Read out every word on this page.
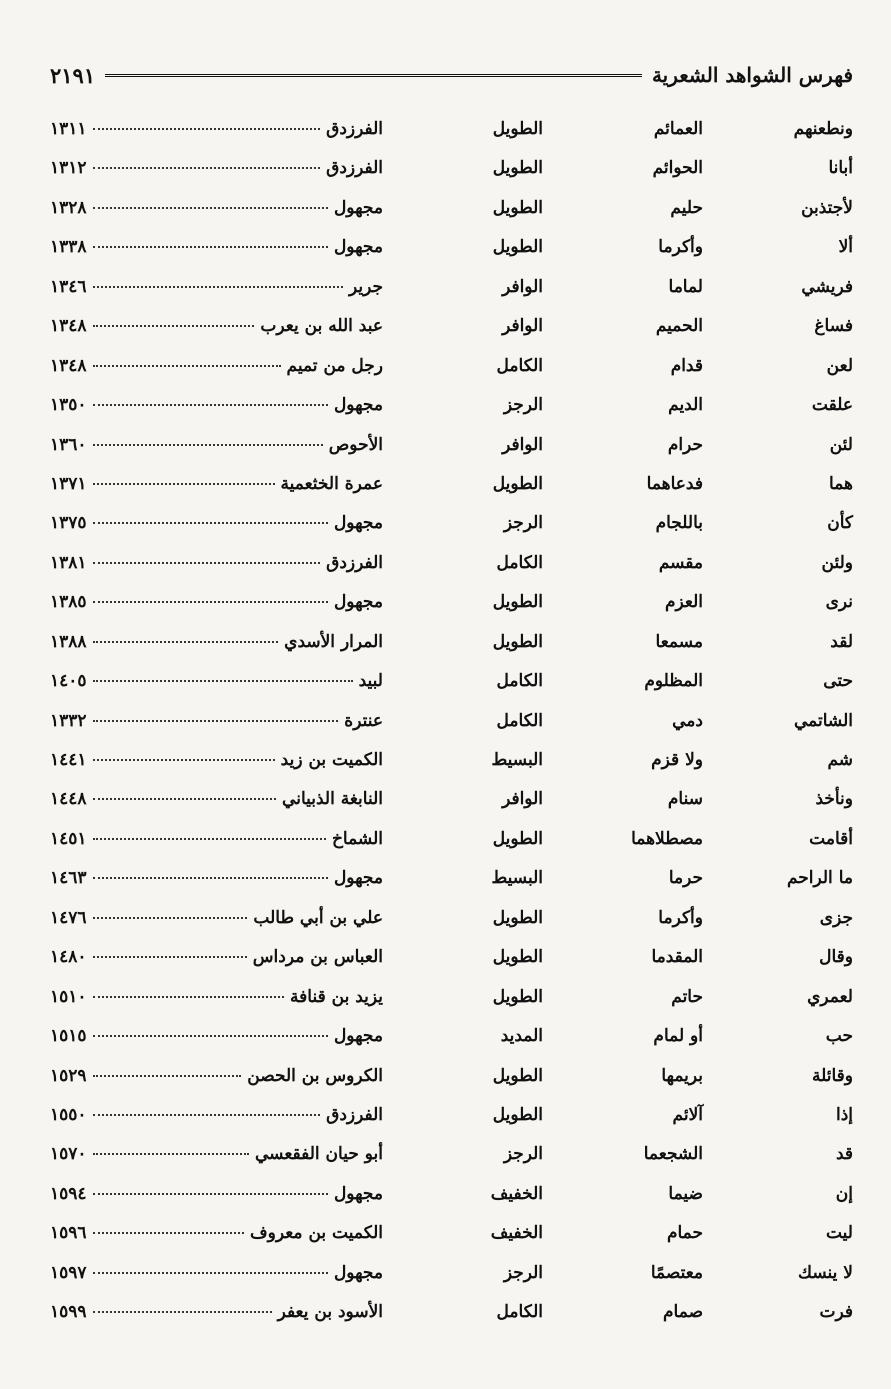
فهرس الشواهد الشعرية
٢١٩١
ونطعنهم
العمائم
الطويل
الفرزدق
١٣١١
أبانا
الحوائم
الطويل
الفرزدق
١٣١٢
لأجتذبن
حليم
الطويل
مجهول
١٣٢٨
ألا
وأكرما
الطويل
مجهول
١٣٣٨
فريشي
لماما
الوافر
جرير
١٣٤٦
فساغ
الحميم
الوافر
عبد الله بن يعرب
١٣٤٨
لعن
قدام
الكامل
رجل من تميم
١٣٤٨
علقت
الديم
الرجز
مجهول
١٣٥٠
لئن
حرام
الوافر
الأحوص
١٣٦٠
هما
فدعاهما
الطويل
عمرة الخثعمية
١٣٧١
كأن
باللجام
الرجز
مجهول
١٣٧٥
ولئن
مقسم
الكامل
الفرزدق
١٣٨١
نرى
العزم
الطويل
مجهول
١٣٨٥
لقد
مسمعا
الطويل
المرار الأسدي
١٣٨٨
حتى
المظلوم
الكامل
لبيد
١٤٠٥
الشاتمي
دمي
الكامل
عنترة
١٣٣٢
شم
ولا قزم
البسيط
الكميت بن زيد
١٤٤١
ونأخذ
سنام
الوافر
النابغة الذبياني
١٤٤٨
أقامت
مصطلاهما
الطويل
الشماخ
١٤٥١
ما الراحم
حرما
البسيط
مجهول
١٤٦٣
جزى
وأكرما
الطويل
علي بن أبي طالب
١٤٧٦
وقال
المقدما
الطويل
العباس بن مرداس
١٤٨٠
لعمري
حاتم
الطويل
يزيد بن قنافة
١٥١٠
حب
أو لمام
المديد
مجهول
١٥١٥
وقائلة
بريمها
الطويل
الكروس بن الحصن
١٥٢٩
إذا
آلائم
الطويل
الفرزدق
١٥٥٠
قد
الشجعما
الرجز
أبو حيان الفقعسي
١٥٧٠
إن
ضيما
الخفيف
مجهول
١٥٩٤
ليت
حمام
الخفيف
الكميت بن معروف
١٥٩٦
لا ينسك
معتصمًا
الرجز
مجهول
١٥٩٧
فرت
صمام
الكامل
الأسود بن يعفر
١٥٩٩
